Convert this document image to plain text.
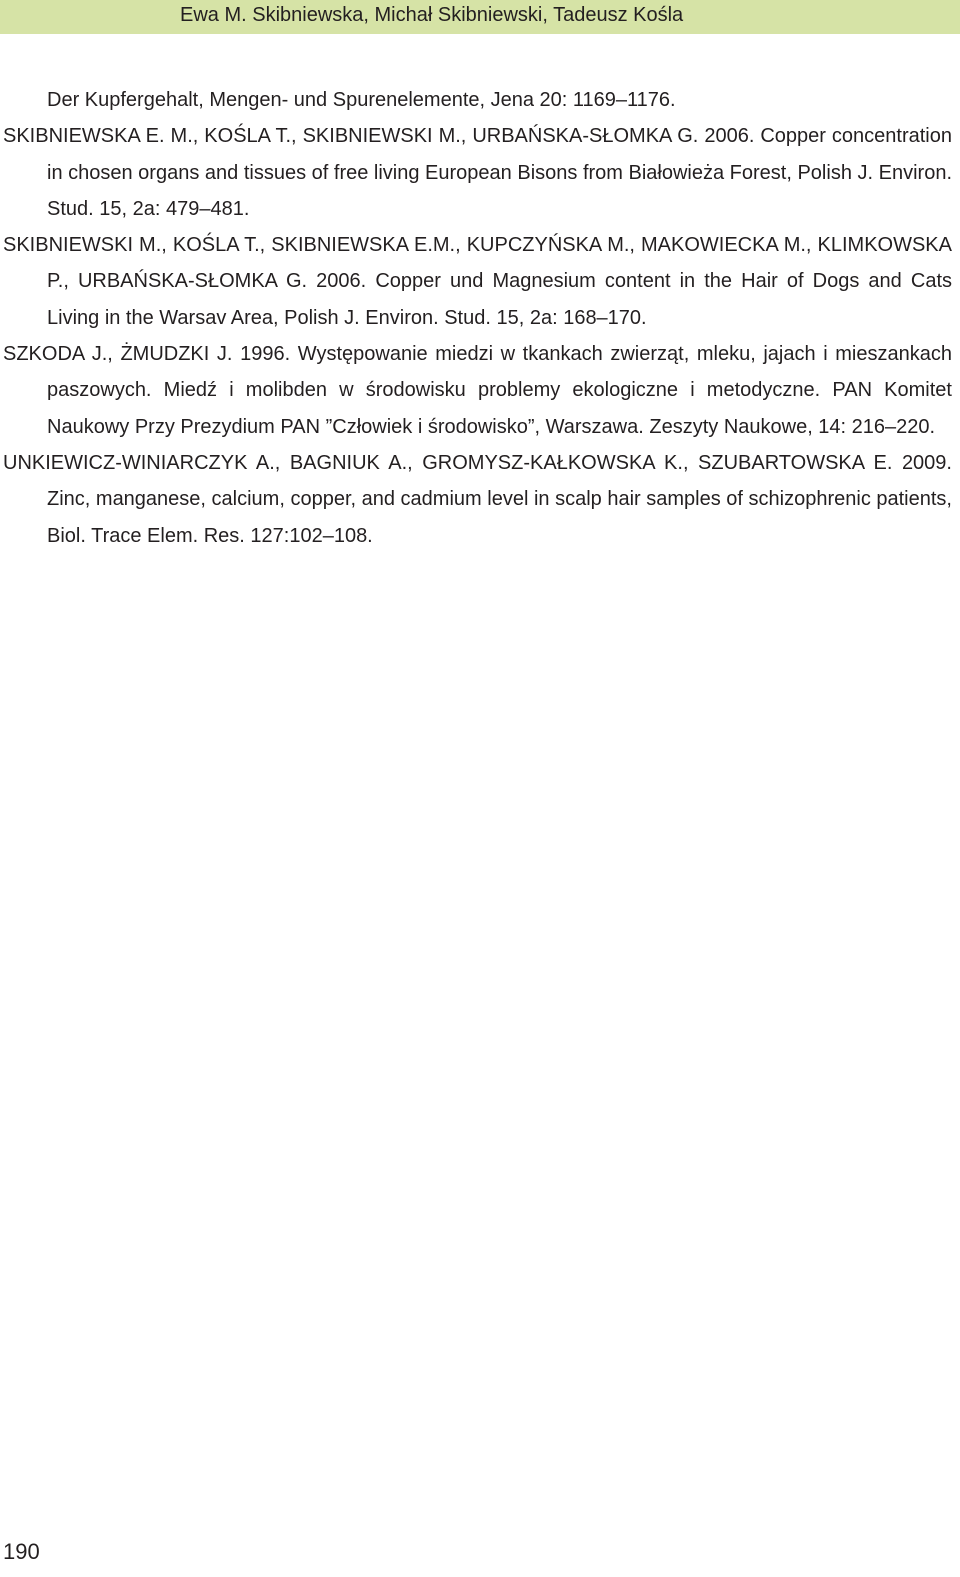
Ewa M. Skibniewska, Michał Skibniewski, Tadeusz Kośla

Der Kupfergehalt, Mengen- und Spurenelemente, Jena 20: 1169–1176.

SKIBNIEWSKA E. M., KOŚLA T., SKIBNIEWSKI M., URBAŃSKA-SŁOMKA G. 2006. Copper concentration in chosen organs and tissues of free living European Bisons from Białowieża Forest, Polish J. Environ. Stud. 15, 2a: 479–481.

SKIBNIEWSKI M., KOŚLA T., SKIBNIEWSKA E.M., KUPCZYŃSKA M., MAKOWIECKA M., KLIMKOWSKA P., URBAŃSKA-SŁOMKA G. 2006. Copper und Magnesium content in the Hair of Dogs and Cats Living in the Warsav Area, Polish J. Environ. Stud. 15, 2a: 168–170.

SZKODA J., ŻMUDZKI J. 1996. Występowanie miedzi w tkankach zwierząt, mleku, jajach i mieszankach paszowych. Miedź i molibden w środowisku problemy ekologiczne i metodyczne. PAN Komitet Naukowy Przy Prezydium PAN ”Człowiek i środowisko”, Warszawa. Zeszyty Naukowe, 14: 216–220.

UNKIEWICZ-WINIARCZYK A., BAGNIUK A., GROMYSZ-KAŁKOWSKA K., SZUBARTOWSKA E. 2009. Zinc, manganese, calcium, copper, and cadmium level in scalp hair samples of schizophrenic patients, Biol. Trace Elem. Res. 127:102–108.

190
